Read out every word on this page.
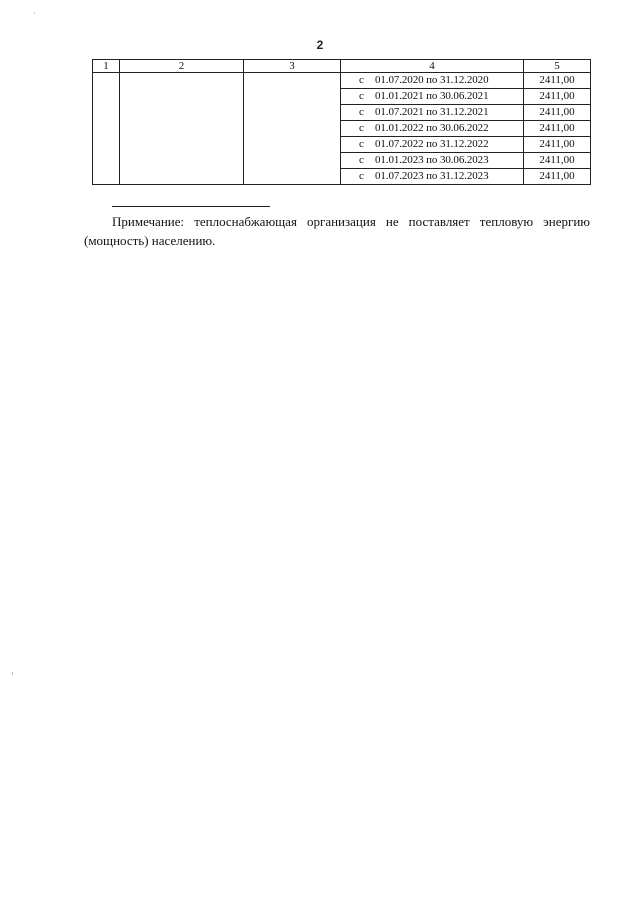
2
1	2	3	4	5
			с 01.07.2020 по 31.12.2020	2411,00
			с 01.01.2021 по 30.06.2021	2411,00
			с 01.07.2021 по 31.12.2021	2411,00
			с 01.01.2022 по 30.06.2022	2411,00
			с 01.07.2022 по 31.12.2022	2411,00
			с 01.01.2023 по 30.06.2023	2411,00
			с 01.07.2023 по 31.12.2023	2411,00

Примечание: теплоснабжающая организация не поставляет тепловую энергию (мощность) населению.
